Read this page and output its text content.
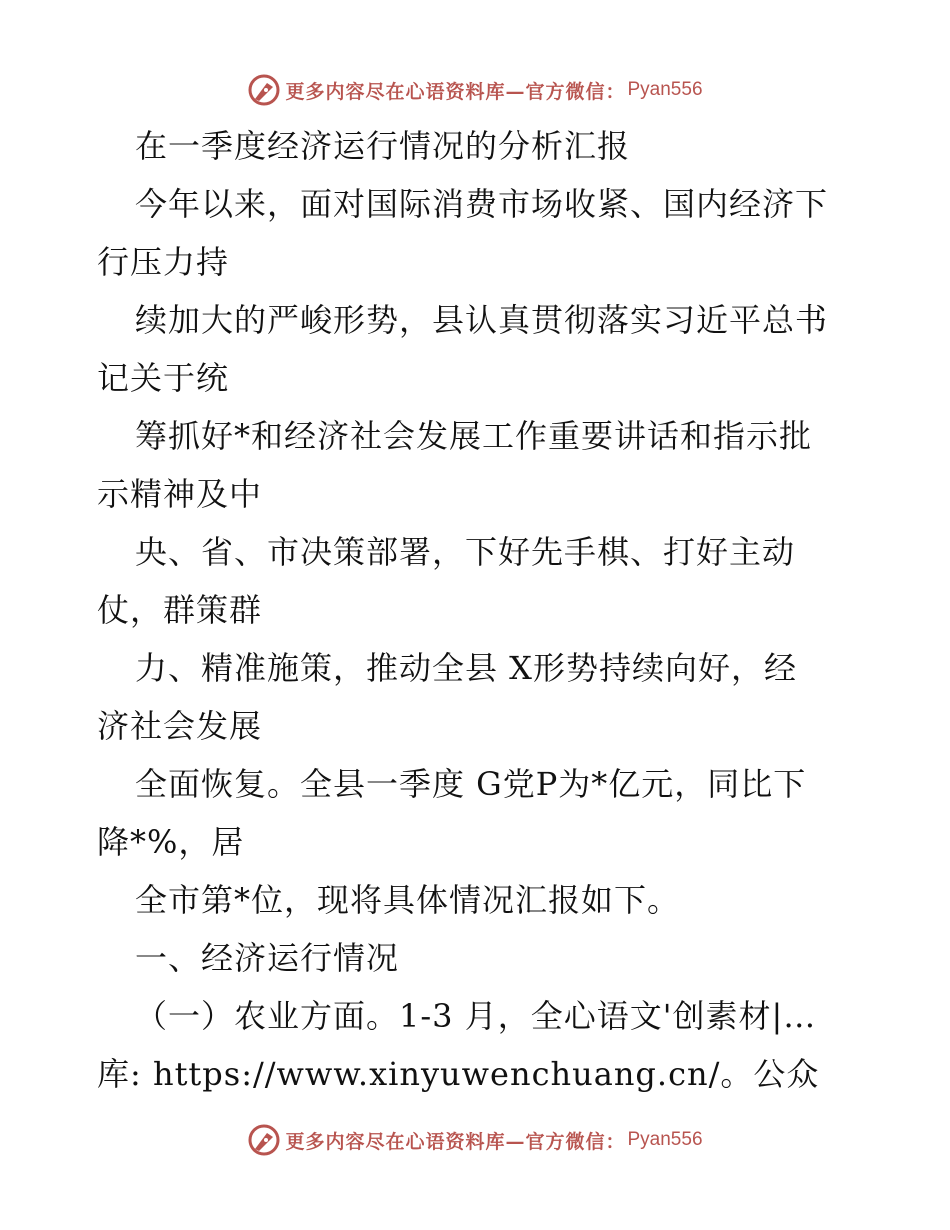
更多内容尽在心语资料库—官方微信： Pyan556
在一季度经济运行情况的分析汇报
今年以来，面对国际消费市场收紧、国内经济下
行压力持
续加大的严峻形势，县认真贯彻落实习近平总书
记关于统
筹抓好*和经济社会发展工作重要讲话和指示批
示精神及中
央、省、市决策部署，下好先手棋、打好主动
仗，群策群
力、精准施策，推动全县 X形势持续向好，经
济社会发展
全面恢复。全县一季度 G党P为*亿元，同比下
降*%，居
全市第*位，现将具体情况汇报如下。
一、经济运行情况
（一）农业方面。1-3 月，全心语文'创素材|…
库: https://www.xinyuwenchuang.cn/。公众
更多内容尽在心语资料库—官方微信： Pyan556
